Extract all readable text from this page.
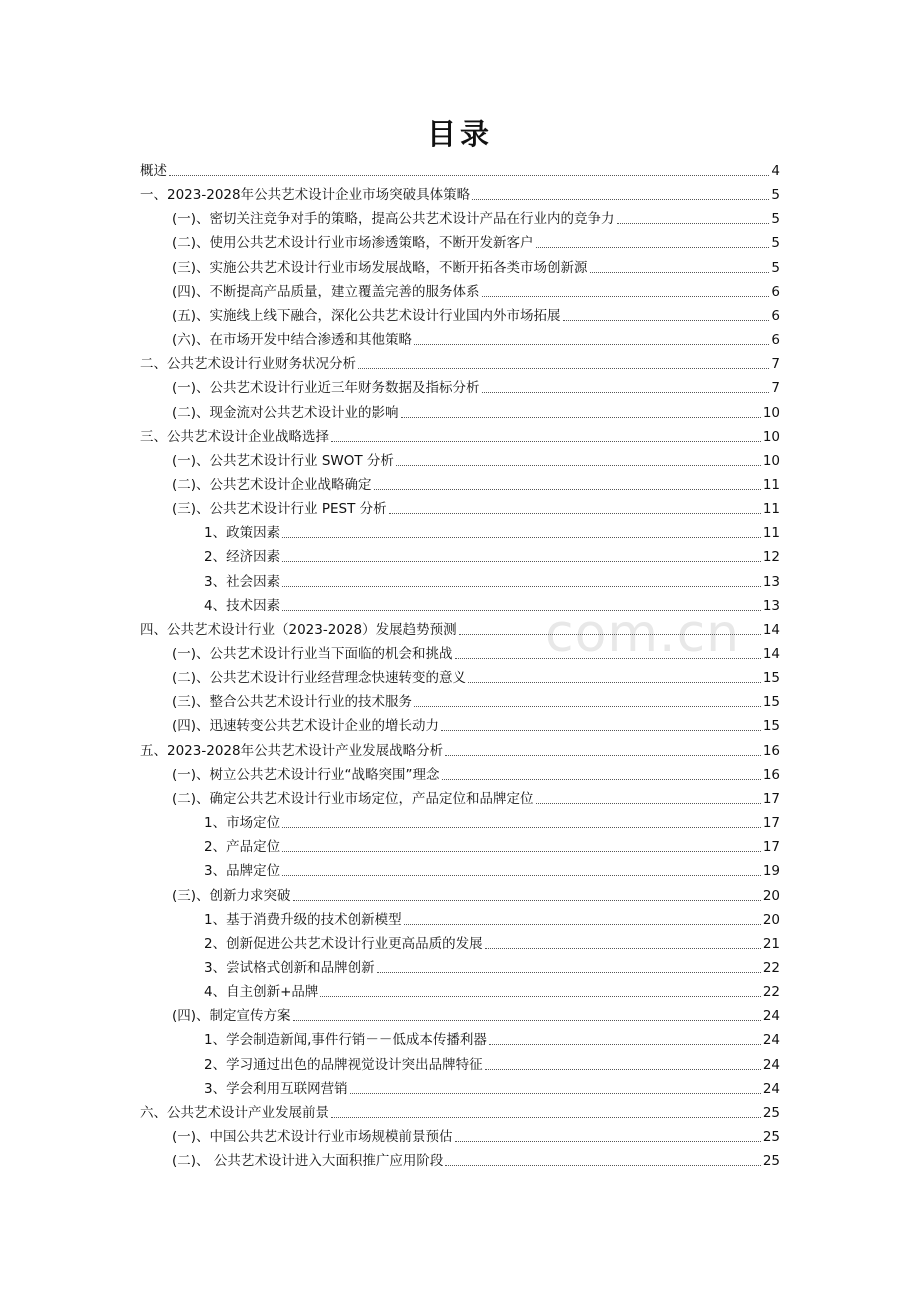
com.cn
目录
概述	4
一、2023-2028年公共艺术设计企业市场突破具体策略	5
(一)、密切关注竞争对手的策略，提高公共艺术设计产品在行业内的竞争力	5
(二)、使用公共艺术设计行业市场渗透策略，不断开发新客户	5
(三)、实施公共艺术设计行业市场发展战略，不断开拓各类市场创新源	5
(四)、不断提高产品质量，建立覆盖完善的服务体系	6
(五)、实施线上线下融合，深化公共艺术设计行业国内外市场拓展	6
(六)、在市场开发中结合渗透和其他策略	6
二、公共艺术设计行业财务状况分析	7
(一)、公共艺术设计行业近三年财务数据及指标分析	7
(二)、现金流对公共艺术设计业的影响	10
三、公共艺术设计企业战略选择	10
(一)、公共艺术设计行业 SWOT 分析	10
(二)、公共艺术设计企业战略确定	11
(三)、公共艺术设计行业 PEST 分析	11
1、政策因素	11
2、经济因素	12
3、社会因素	13
4、技术因素	13
四、公共艺术设计行业（2023-2028）发展趋势预测	14
(一)、公共艺术设计行业当下面临的机会和挑战	14
(二)、公共艺术设计行业经营理念快速转变的意义	15
(三)、整合公共艺术设计行业的技术服务	15
(四)、迅速转变公共艺术设计企业的增长动力	15
五、2023-2028年公共艺术设计产业发展战略分析	16
(一)、树立公共艺术设计行业“战略突围”理念	16
(二)、确定公共艺术设计行业市场定位，产品定位和品牌定位	17
1、市场定位	17
2、产品定位	17
3、品牌定位	19
(三)、创新力求突破	20
1、基于消费升级的技术创新模型	20
2、创新促进公共艺术设计行业更高品质的发展	21
3、尝试格式创新和品牌创新	22
4、自主创新+品牌	22
(四)、制定宣传方案	24
1、学会制造新闻,事件行销－－低成本传播利器	24
2、学习通过出色的品牌视觉设计突出品牌特征	24
3、学会利用互联网营销	24
六、公共艺术设计产业发展前景	25
(一)、中国公共艺术设计行业市场规模前景预估	25
(二)、 公共艺术设计进入大面积推广应用阶段	25
